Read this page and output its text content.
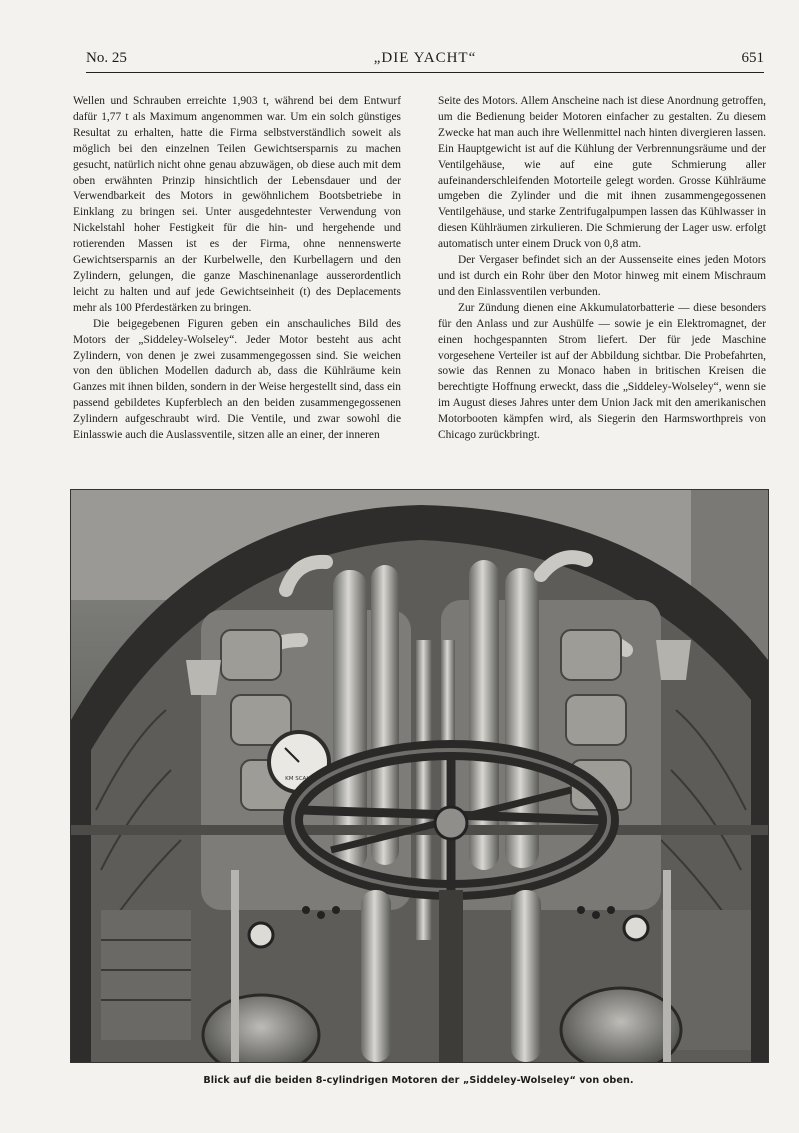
No. 25	„DIE YACHT“	651

Wellen und Schrauben erreichte 1,903 t, während bei dem Entwurf dafür 1,77 t als Maximum angenommen war. Um ein solch günstiges Resultat zu erhalten, hatte die Firma selbstverständlich soweit als möglich bei den einzelnen Teilen Gewichtsersparnis zu machen gesucht, natürlich nicht ohne genau abzuwägen, ob diese auch mit dem oben erwähnten Prinzip hinsichtlich der Lebensdauer und der Verwendbarkeit des Motors in gewöhnlichem Bootsbetriebe in Einklang zu bringen sei. Unter ausgedehntester Verwendung von Nickelstahl hoher Festigkeit für die hin- und hergehende und rotierenden Massen ist es der Firma, ohne nennenswerte Gewichtsersparnis an der Kurbelwelle, den Kurbellagern und den Zylindern, gelungen, die ganze Maschinenanlage ausserordentlich leicht zu halten und auf jede Gewichtseinheit (t) des Deplacements mehr als 100 Pferdestärken zu bringen.

Die beigegebenen Figuren geben ein anschauliches Bild des Motors der „Siddeley-Wolseley“. Jeder Motor besteht aus acht Zylindern, von denen je zwei zusammengegossen sind. Sie weichen von den üblichen Modellen dadurch ab, dass die Kühlräume kein Ganzes mit ihnen bilden, sondern in der Weise hergestellt sind, dass ein passend gebildetes Kupferblech an den beiden zusammengegossenen Zylindern aufgeschraubt wird. Die Ventile, und zwar sowohl die Einlasswie auch die Auslassventile, sitzen alle an einer, der inneren

Seite des Motors. Allem Anscheine nach ist diese Anordnung getroffen, um die Bedienung beider Motoren einfacher zu gestalten. Zu diesem Zwecke hat man auch ihre Wellenmittel nach hinten divergieren lassen. Ein Hauptgewicht ist auf die Kühlung der Verbrennungsräume und der Ventilgehäuse, wie auf eine gute Schmierung aller aufeinanderschleifenden Motorteile gelegt worden. Grosse Kühlräume umgeben die Zylinder und die mit ihnen zusammengegossenen Ventilgehäuse, und starke Zentrifugalpumpen lassen das Kühlwasser in diesen Kühlräumen zirkulieren. Die Schmierung der Lager usw. erfolgt automatisch unter einem Druck von 0,8 atm.

Der Vergaser befindet sich an der Aussenseite eines jeden Motors und ist durch ein Rohr über den Motor hinweg mit einem Mischraum und den Einlassventilen verbunden.

Zur Zündung dienen eine Akkumulatorbatterie — diese besonders für den Anlass und zur Aushülfe — sowie je ein Elektromagnet, der einen hochgespannten Strom liefert. Der für jede Maschine vorgesehene Verteiler ist auf der Abbildung sichtbar. Die Probefahrten, sowie das Rennen zu Monaco haben in britischen Kreisen die berechtigte Hoffnung erweckt, dass die „Siddeley-Wolseley“, wenn sie im August dieses Jahres unter dem Union Jack mit den amerikanischen Motorbooten kämpfen wird, als Siegerin den Harmsworthpreis von Chicago zurückbringt.

KM SCALE
Blick auf die beiden 8-cylindrigen Motoren der „Siddeley-Wolseley“ von oben.
